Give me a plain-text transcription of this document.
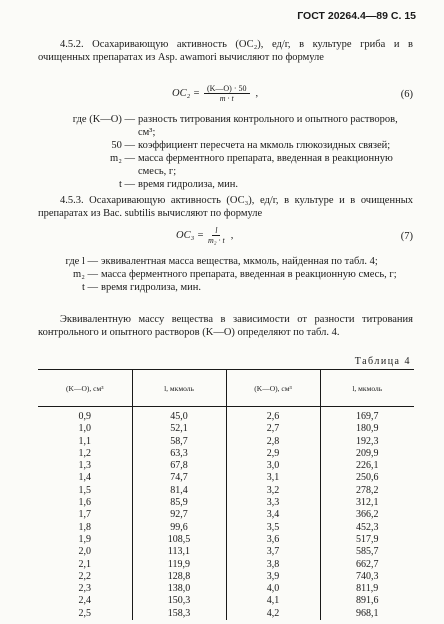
ГОСТ 20264.4—89 С. 15

4.5.2. Осахаривающую активность (ОС₂), ед/г, в культуре гриба и в очищенных препаратах из Asp. awamori вычисляют по формуле

$ОС_2 = \frac{(K—O) \cdot 50}{m \cdot t}$ ,	(6)
где (K—O) — разность титрования контрольного и опытного растворов, см³;
50 — коэффициент пересчета на мкмоль глюкозидных связей;
m₂ — масса ферментного препарата, введенная в реакционную смесь, г;
t — время гидролиза, мин.

4.5.3. Осахаривающую активность (ОС₃), ед/г, в культуре и в очищенных препаратах из Bac. subtilis вычисляют по формуле

$ОС_3 = \frac{l}{\text{m₂ · t}}$ ,	(7)
где l — эквивалентная масса вещества, мкмоль, найденная по табл. 4;
m₂ — масса ферментного препарата, введенная в реакционную смесь, г;
t — время гидролиза, мин.

Эквивалентную массу вещества в зависимости от разности титрования контрольного и опытного растворов (K—O) определяют по табл. 4.

Таблица 4
(K—O), см³	l, мкмоль	(K—O), см³	l, мкмоль
0,9	45,0	2,6	169,7
1,0	52,1	2,7	180,9
1,1	58,7	2,8	192,3
1,2	63,3	2,9	209,9
1,3	67,8	3,0	226,1
1,4	74,7	3,1	250,6
1,5	81,4	3,2	278,2
1,6	85,9	3,3	312,1
1,7	92,7	3,4	366,2
1,8	99,6	3,5	452,3
1,9	108,5	3,6	517,9
2,0	113,1	3,7	585,7
2,1	119,9	3,8	662,7
2,2	128,8	3,9	740,3
2,3	138,0	4,0	811,9
2,4	150,3	4,1	891,6
2,5	158,3	4,2	968,1
